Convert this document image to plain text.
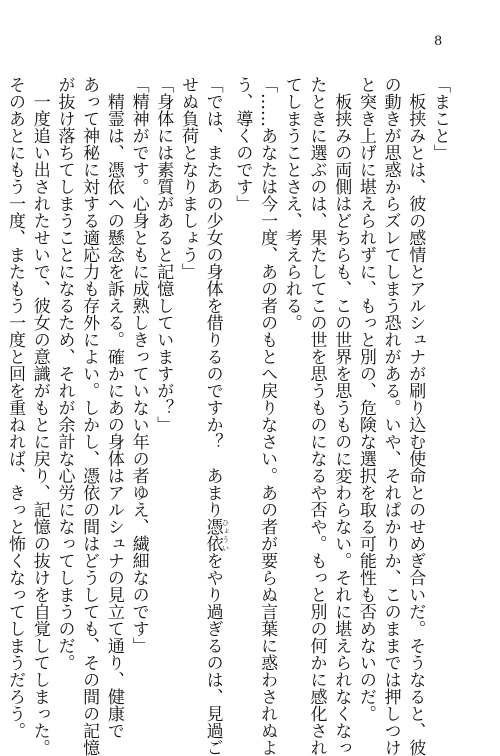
8

「まこと」

　板挟みとは、彼の感情とアルシュナが刷り込む使命とのせめぎ合いだ。そうなると、彼

の動きが思惑からズレてしまう恐れがある。いや、それぱかりか、このままでは押しつけ

と突き上げに堪えられずに、もっと別の、危険な選択を取る可能性も否めないのだ。

　板挟みの両側はどちらも、この世界を思うものに変わらない。それに堪えられなくなっ

たときに選ぶのは、果たしてこの世を思うものになるや否や。もっと別の何かに感化され

てしまうことさえ、考えられる。

「……あなたは今一度、あの者のもとへ戻りなさい。あの者が要らぬ言葉に惑わされぬよ

う、導くのです」

「では、またあの少女の身体を借りるのですか？　あまり憑依 ひょういをやり過ぎるのは、見過ご

せぬ負荷となりましょう」

「身体には素質があると記憶していますが？」

「精神がです。心身ともに成熟しきっていない年の者ゆえ、繊細なのです」

　精霊は、憑依への懸念を訴える。確かにあの身体はアルシュナの見立て通り、健康で

あって神秘に対する適応力も存外によい。しかし、憑依の間はどうしても、その間の記憶

が抜け落ちてしまうことになるため、それが余計な心労になってしまうのだ。

　一度追い出されたせいで、彼女の意識がもとに戻り、記憶の抜けを自覚してしまった。

そのあとにもう一度、またもう一度と回を重ねれば、きっと怖くなってしまうだろう。
